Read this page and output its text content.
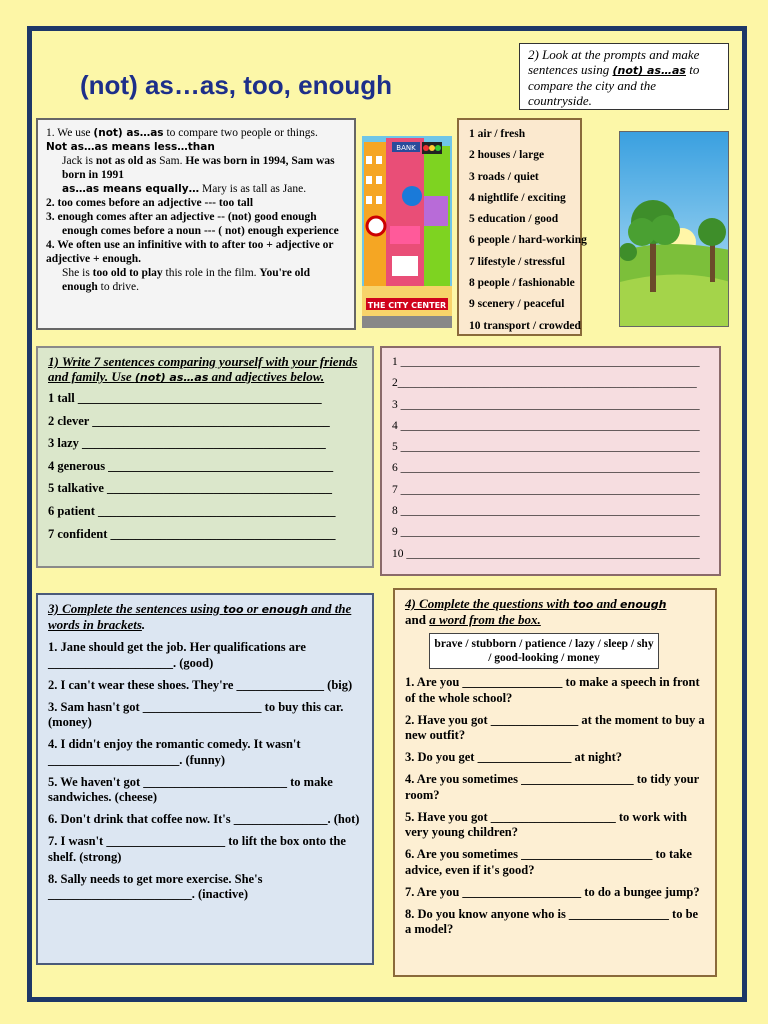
(not) as…as, too, enough
2) Look at the prompts and make sentences using (not) as…as to compare the city and the countryside.

1. We use (not) as…as to compare two people or things.

Not as…as means less…than

Jack is not as old as Sam. He was born in 1994, Sam was born in 1991

as…as means equally… Mary is as tall as Jane.

2. too comes before an adjective --- too tall

3. enough comes after an adjective -- (not) good enough

enough comes before a noun --- ( not) enough experience

4. We often use an infinitive with to after too + adjective or adjective + enough.

She is too old to play this role in the film. You're old enough to drive.

BANK
THE CITY CENTER
1 air / fresh
2 houses / large
3 roads / quiet
4 nightlife / exciting
5 education / good
6 people / hard-working
7 lifestyle / stressful
8 people / fashionable
9 scenery / peaceful
10 transport / crowded
1) Write 7 sentences comparing yourself with your friends and family. Use (not) as…as and adjectives below.
1 tall _______________________________________
2 clever ______________________________________
3 lazy _______________________________________
4 generous ____________________________________
5 talkative ____________________________________
6 patient ______________________________________
7 confident ____________________________________
1 ____________________________________________________
2____________________________________________________
3 ____________________________________________________
4 ____________________________________________________
5 ____________________________________________________
6 ____________________________________________________
7 ____________________________________________________
8 ____________________________________________________
9 ____________________________________________________
10 ___________________________________________________
3) Complete the sentences using too or enough and the words in brackets.
1. Jane should get the job. Her qualifications are ____________________. (good)
2. I can't wear these shoes. They're ______________ (big)
3. Sam hasn't got ___________________ to buy this car. (money)
4. I didn't enjoy the romantic comedy. It wasn't _____________________. (funny)
5. We haven't got _______________________ to make sandwiches. (cheese)
6. Don't drink that coffee now. It's _______________. (hot)
7. I wasn't ___________________ to lift the box onto the shelf. (strong)
8. Sally needs to get more exercise. She's _______________________. (inactive)
4) Complete the questions with too and enough
and a word from the box.
brave / stubborn / patience / lazy / sleep / shy / good-looking / money
1. Are you ________________ to make a speech in front of the whole school?
2. Have you got ______________ at the moment to buy a new outfit?
3. Do you get _______________ at night?
4. Are you sometimes __________________ to tidy your room?
5. Have you got ____________________ to work with very young children?
6. Are you sometimes _____________________ to take advice, even if it's good?
7. Are you ___________________ to do a bungee jump?
8. Do you know anyone who is ________________ to be a model?
